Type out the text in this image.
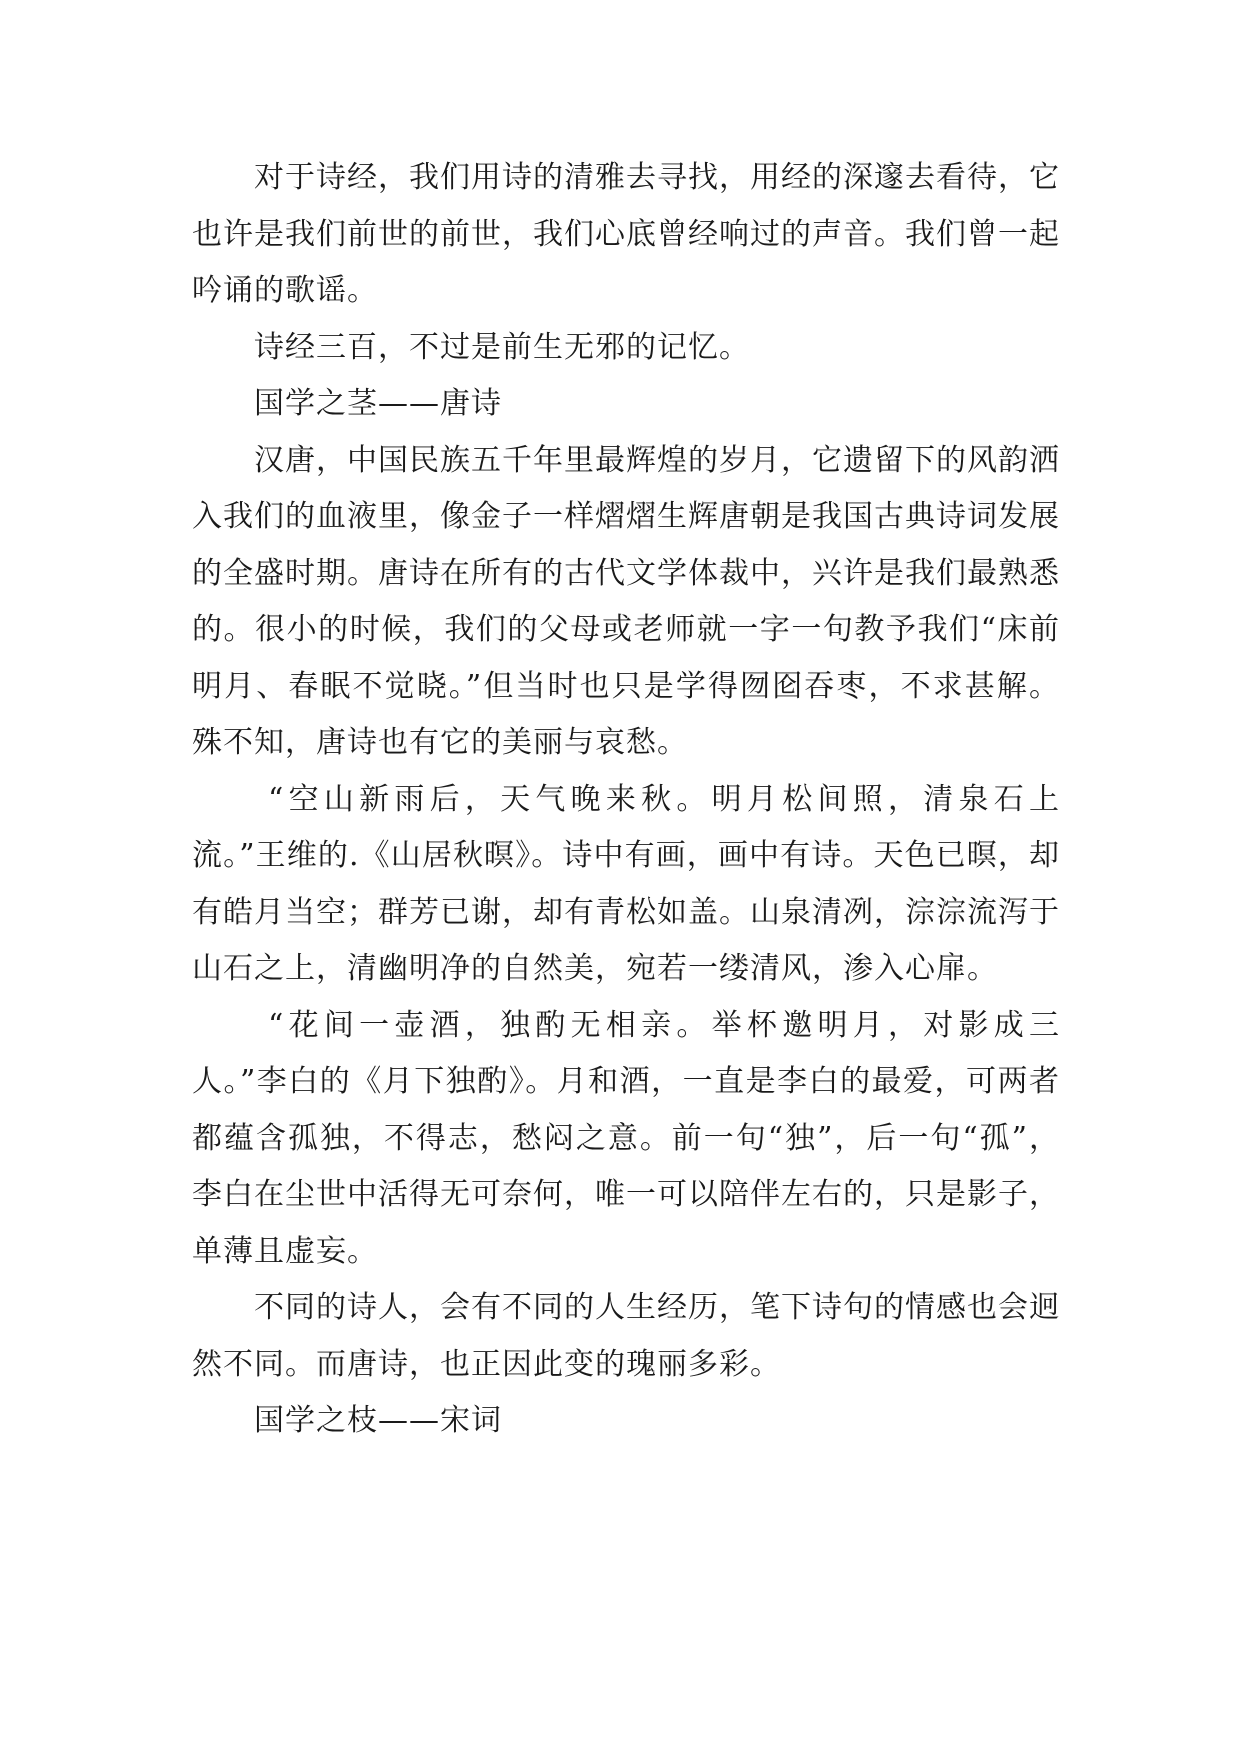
对于诗经，我们用诗的清雅去寻找，用经的深邃去看待，它也许是我们前世的前世，我们心底曾经响过的声音。我们曾一起吟诵的歌谣。

诗经三百，不过是前生无邪的记忆。

国学之茎——唐诗

汉唐，中国民族五千年里最辉煌的岁月，它遗留下的风韵洒入我们的血液里，像金子一样熠熠生辉唐朝是我国古典诗词发展的全盛时期。唐诗在所有的古代文学体裁中，兴许是我们最熟悉的。很小的时候，我们的父母或老师就一字一句教予我们“床前明月、春眠不觉晓。”但当时也只是学得囫囵吞枣，不求甚解。殊不知，唐诗也有它的美丽与哀愁。

“空山新雨后，天气晚来秋。明月松间照，清泉石上流。”王维的.《山居秋暝》。诗中有画，画中有诗。天色已暝，却有皓月当空；群芳已谢，却有青松如盖。山泉清冽，淙淙流泻于山石之上，清幽明净的自然美，宛若一缕清风，渗入心扉。

“花间一壶酒，独酌无相亲。举杯邀明月，对影成三人。”李白的《月下独酌》。月和酒，一直是李白的最爱，可两者都蕴含孤独，不得志，愁闷之意。前一句“独”，后一句“孤”，李白在尘世中活得无可奈何，唯一可以陪伴左右的，只是影子，单薄且虚妄。

不同的诗人，会有不同的人生经历，笔下诗句的情感也会迥然不同。而唐诗，也正因此变的瑰丽多彩。

国学之枝——宋词
